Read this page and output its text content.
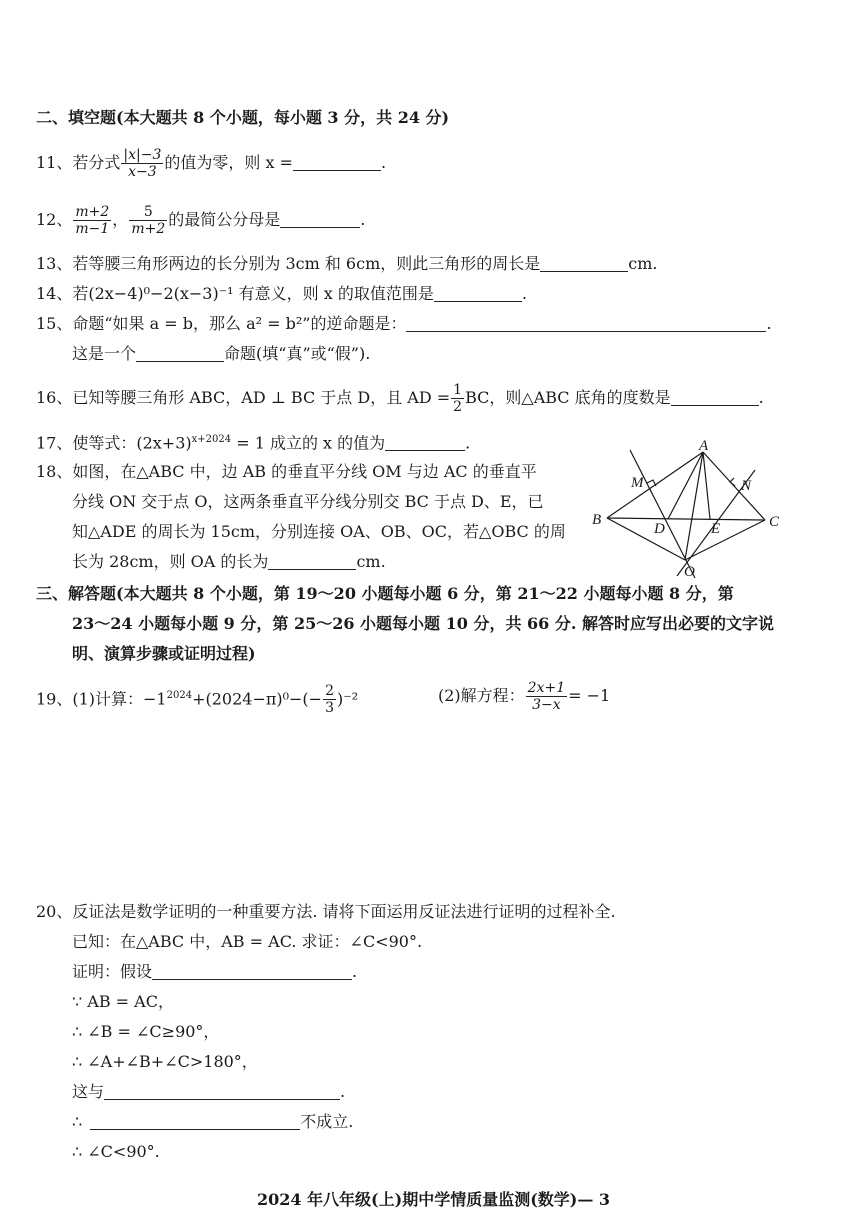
二、填空题(本大题共 8 个小题，每小题 3 分，共 24 分)
11、若分式 $\frac{|x|-3}{x-3}$ 的值为零，则 x =	.
12、 $\frac{m+2}{m-1}$ ， $\frac{5}{m+2}$ 的最简公分母是	.
13、若等腰三角形两边的长分别为 3cm 和 6cm，则此三角形的周长是	cm.
14、若(2x−4)⁰−2(x−3)⁻¹ 有意义，则 x 的取值范围是	.
15、命题“如果 a = b，那么 a² = b²”的逆命题是：	.
这是一个	命题(填“真”或“假”).
16、已知等腰三角形 ABC，AD ⊥ BC 于点 D，且 AD = $\frac{1}{2}$ BC，则△ABC 底角的度数是	.
17、使等式：$(2x+3)^{x+2024} = 1$ 成立的 x 的值为	.
18、如图，在△ABC 中，边 AB 的垂直平分线 OM 与边 AC 的垂直平
分线 ON 交于点 O，这两条垂直平分线分别交 BC 于点 D、E，已
知△ADE 的周长为 15cm，分别连接 OA、OB、OC，若△OBC 的周
长为 28cm，则 OA 的长为	cm.
A
B	C
D	E
M	N
O
三、解答题(本大题共 8 个小题，第 19～20 小题每小题 6 分，第 21～22 小题每小题 8 分，第
23～24 小题每小题 9 分，第 25～26 小题每小题 10 分，共 66 分. 解答时应写出必要的文字说
明、演算步骤或证明过程)
19、(1)计算：$-1^{2024}+(2024-\pi)^0-(- \frac{2}{3} )^{-2}$	(2)解方程： $\frac{2x+1}{3-x} = -1$
20、反证法是数学证明的一种重要方法. 请将下面运用反证法进行证明的过程补全.
已知：在△ABC 中，AB = AC. 求证：∠C<90°.
证明：假设	.
∵ AB = AC，
∴ ∠B = ∠C≥90°，
∴ ∠A+∠B+∠C>180°，
这与	.
∴	不成立.
∴ ∠C<90°.
2024 年八年级(上)期中学情质量监测(数学)— 3
